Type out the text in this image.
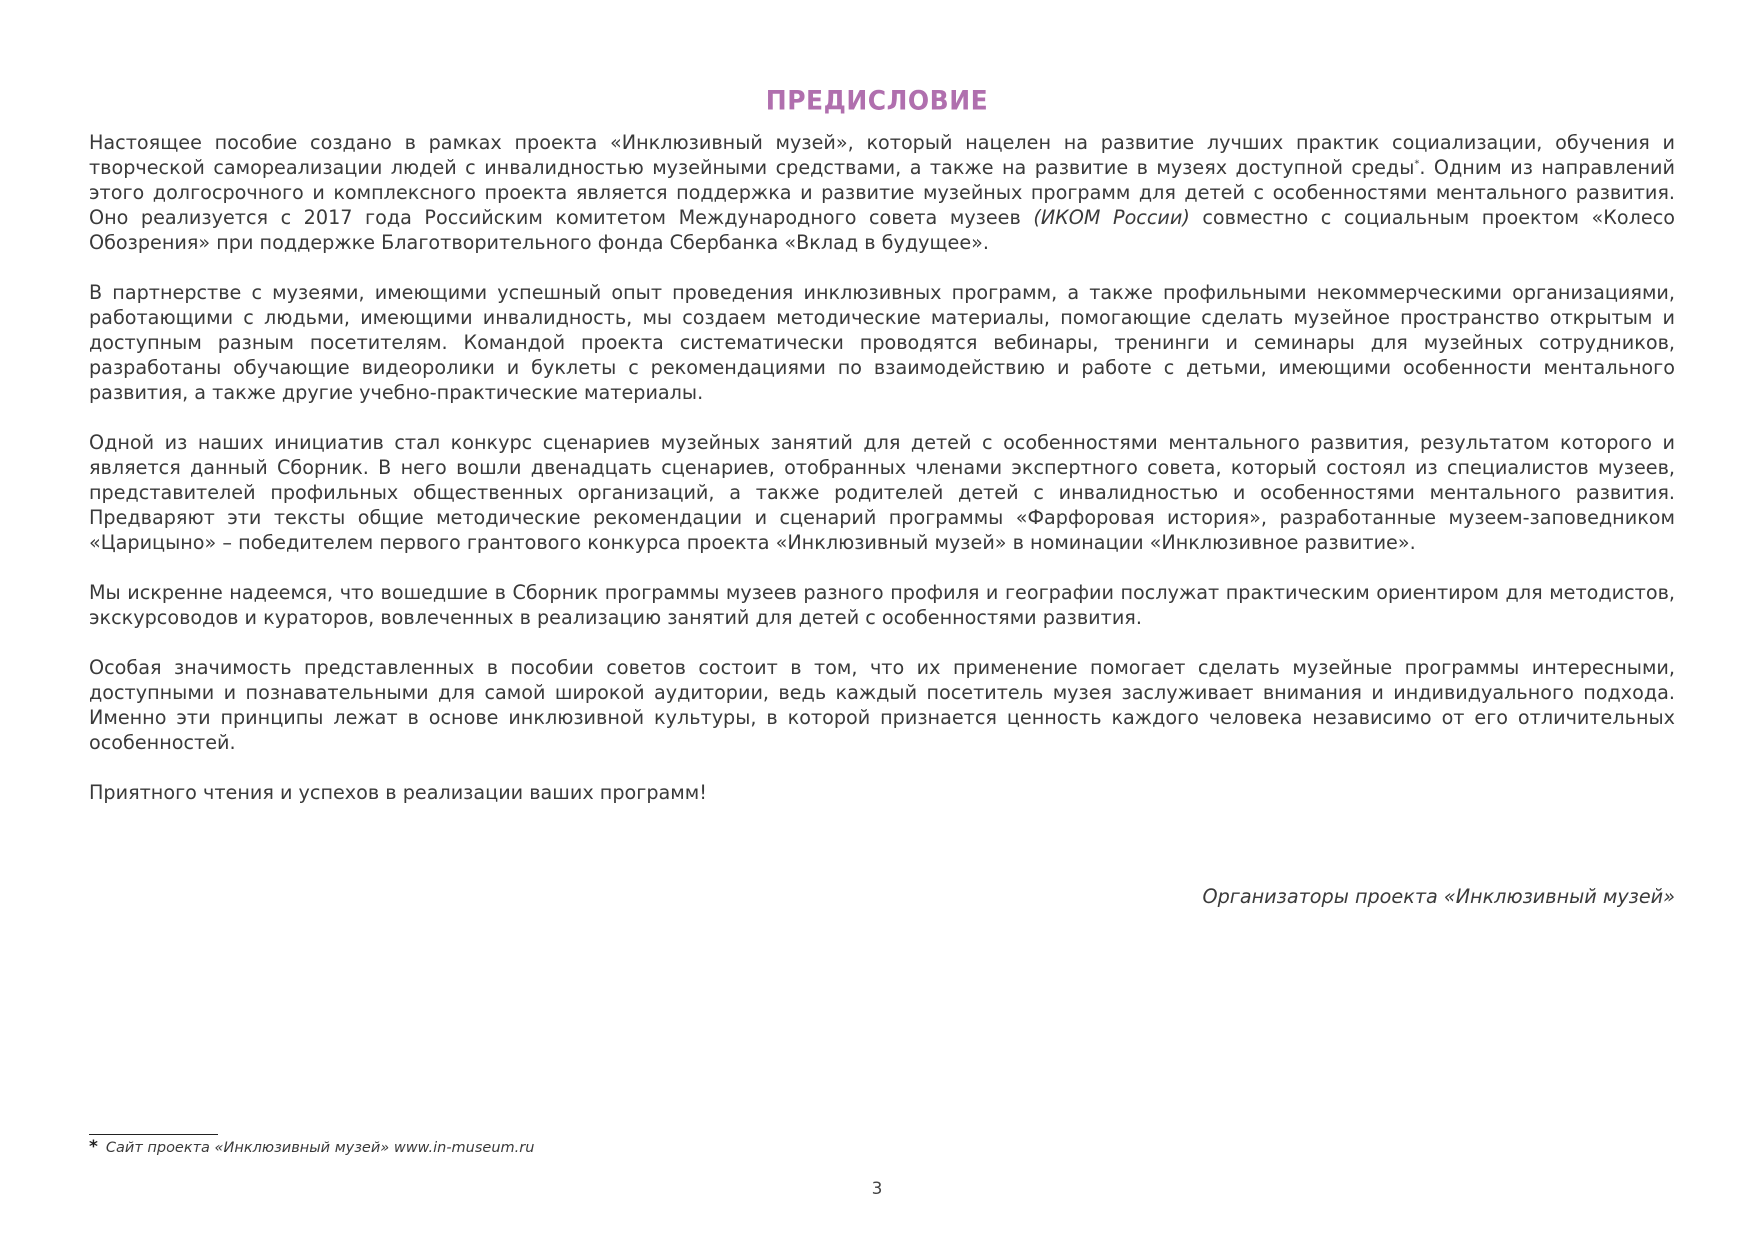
ПРЕДИСЛОВИЕ

Настоящее пособие создано в рамках проекта «Инклюзивный музей», который нацелен на развитие лучших практик социализации, обучения и творческой самореализации людей с инвалидностью музейными средствами, а также на развитие в музеях доступной среды*. Одним из направлений этого долгосрочного и комплексного проекта является поддержка и развитие музейных программ для детей с особенностями ментального развития. Оно реализуется с 2017 года Российским комитетом Международного совета музеев (ИКОМ России) совместно с социальным проектом «Колесо Обозрения» при поддержке Благотворительного фонда Сбербанка «Вклад в будущее».

В партнерстве с музеями, имеющими успешный опыт проведения инклюзивных программ, а также профильными некоммерческими организациями, работающими с людьми, имеющими инвалидность, мы создаем методические материалы, помогающие сделать музейное пространство открытым и доступным разным посетителям. Командой проекта систематически проводятся вебинары, тренинги и семинары для музейных сотрудников, разработаны обучающие видеоролики и буклеты с рекомендациями по взаимодействию и работе с детьми, имеющими особенности ментального развития, а также другие учебно-практические материалы.

Одной из наших инициатив стал конкурс сценариев музейных занятий для детей с особенностями ментального развития, результатом которого и является данный Сборник. В него вошли двенадцать сценариев, отобранных членами экспертного совета, который состоял из специалистов музеев, представителей профильных общественных организаций, а также родителей детей с инвалидностью и особенностями ментального развития. Предваряют эти тексты общие методические рекомендации и сценарий программы «Фарфоровая история», разработанные музеем-заповедником «Царицыно» – победителем первого грантового конкурса проекта «Инклюзивный музей» в номинации «Инклюзивное развитие».

Мы искренне надеемся, что вошедшие в Сборник программы музеев разного профиля и географии послужат практическим ориентиром для методистов, экскурсоводов и кураторов, вовлеченных в реализацию занятий для детей с особенностями развития.

Особая значимость представленных в пособии советов состоит в том, что их применение помогает сделать музейные программы интересными, доступными и познавательными для самой широкой аудитории, ведь каждый посетитель музея заслуживает внимания и индивидуального подхода. Именно эти принципы лежат в основе инклюзивной культуры, в которой признается ценность каждого человека независимо от его отличительных особенностей.

Приятного чтения и успехов в реализации ваших программ!

Организаторы проекта «Инклюзивный музей»
* Сайт проекта «Инклюзивный музей» www.in-museum.ru
3
